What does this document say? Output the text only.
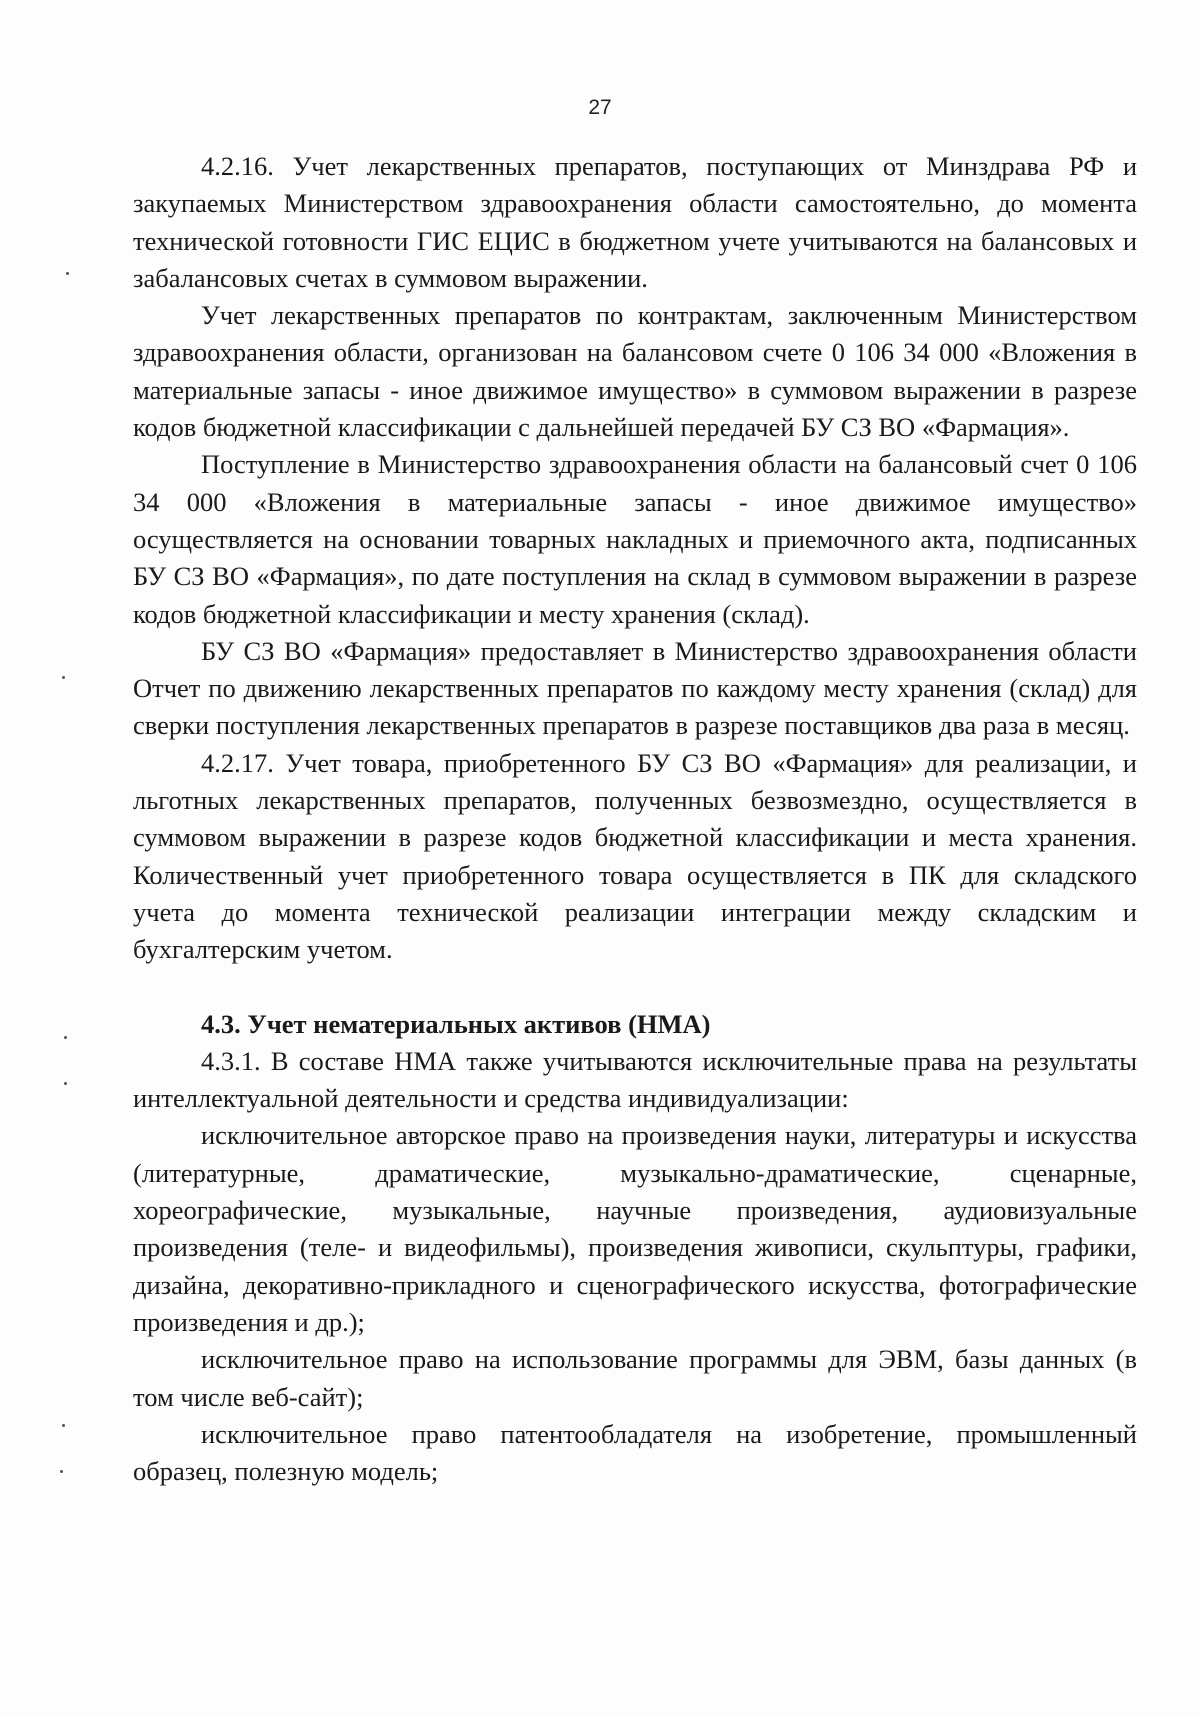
27

4.2.16. Учет лекарственных препаратов, поступающих от Минздрава РФ и закупаемых Министерством здравоохранения области самостоятельно, до момента технической готовности ГИС ЕЦИС в бюджетном учете учитываются на балансовых и забалансовых счетах в суммовом выражении.

Учет лекарственных препаратов по контрактам, заключенным Министерством здравоохранения области, организован на балансовом счете 0 106 34 000 «Вложения в материальные запасы - иное движимое имущество» в суммовом выражении в разрезе кодов бюджетной классификации с дальнейшей передачей БУ СЗ ВО «Фармация».

Поступление в Министерство здравоохранения области на балансовый счет 0 106 34 000 «Вложения в материальные запасы - иное движимое имущество» осуществляется на основании товарных накладных и приемочного акта, подписанных БУ СЗ ВО «Фармация», по дате поступления на склад в суммовом выражении в разрезе кодов бюджетной классификации и месту хранения (склад).

БУ СЗ ВО «Фармация» предоставляет в Министерство здравоохранения области Отчет по движению лекарственных препаратов по каждому месту хранения (склад) для сверки поступления лекарственных препаратов в разрезе поставщиков два раза в месяц.

4.2.17. Учет товара, приобретенного БУ СЗ ВО «Фармация» для реализации, и льготных лекарственных препаратов, полученных безвозмездно, осуществляется в суммовом выражении в разрезе кодов бюджетной классификации и места хранения. Количественный учет приобретенного товара осуществляется в ПК для складского учета до момента технической реализации интеграции между складским и бухгалтерским учетом.

4.3. Учет нематериальных активов (НМА)

4.3.1. В составе НМА также учитываются исключительные права на результаты интеллектуальной деятельности и средства индивидуализации:

исключительное авторское право на произведения науки, литературы и искусства (литературные, драматические, музыкально-драматические, сценарные, хореографические, музыкальные, научные произведения, аудиовизуальные произведения (теле- и видеофильмы), произведения живописи, скульптуры, графики, дизайна, декоративно-прикладного и сценографического искусства, фотографические произведения и др.);

исключительное право на использование программы для ЭВМ, базы данных (в том числе веб-сайт);

исключительное право патентообладателя на изобретение, промышленный образец, полезную модель;
